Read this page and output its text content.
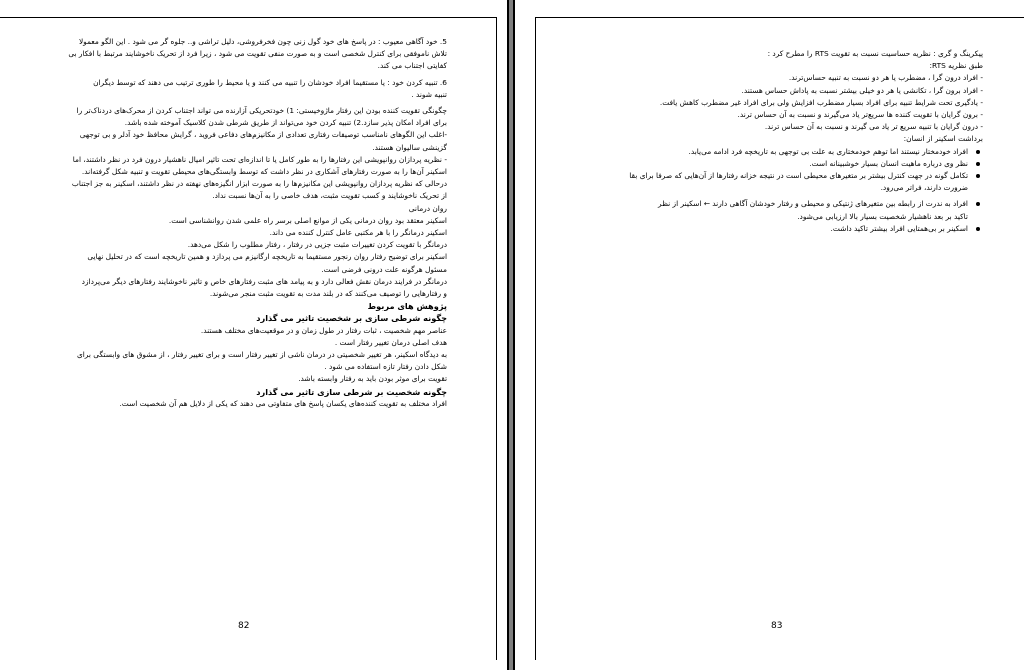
5. خود آگاهی معیوب : در پاسخ های خود گول زنی چون فخرفروشی، دلیل تراشی و.. جلوه گر می شود . این الگو معمولا

تلاش ناموفقی برای کنترل شخصی است و به صورت منفی تقویت می شود ، زیرا فرد از تحریک ناخوشایند مرتبط با افکار بی

کفایتی اجتناب می کند.

6. تنبیه کردن خود : یا مستقیما افراد خودشان را تنبیه می کنند و یا محیط را طوری ترتیب می دهند که توسط دیگران

تنبیه شوند .

چگونگی تقویت کننده بودن این رفتار ماژوخیستی: 1) خودتحریکی آزارنده می تواند اجتناب کردن از محرک‌های دردناک‌تر را

برای افراد امکان پذیر سازد.2) تنبیه کردن خود می‌تواند از طریق شرطی شدن کلاسیک آموخته شده باشد.

-اغلب این الگوهای نامناسب توصیفات رفتاری تعدادی از مکانیزم‌های دفاعی فروید ، گرایش محافظ خود آدلر و بی توجهی

گزینشی سالیوان هستند.

- نظریه پردازان روانپویشی این رفتارها را به طور کامل یا تا اندازه‌ای تحت تاثیر امیال ناهشیار درون فرد در نظر داشتند، اما

اسکینر آن‌ها را به صورت رفتارهای آشکاری در نظر داشت که توسط وابستگی‌های محیطی تقویت و تنبیه شکل گرفته‌اند.

درحالی که نظریه پردازان روانپویشی این مکانیزم‌ها را به صورت ابزار انگیزه‌های نهفته در نظر داشتند، اسکینر به جز اجتناب

از تحریک ناخوشایند و کسب تقویت مثبت، هدف خاصی را به آن‌ها نسبت نداد.

روان درمانی

اسکینر معتقد بود روان درمانی یکی از موانع اصلی برسر راه علمی شدن روانشناسی است.

اسکینر درمانگر را با هر مکتبی عامل کنترل کننده می داند.

درمانگر با تقویت کردن تغییرات مثبت جزیی در رفتار ، رفتار مطلوب را شکل می‌دهد.

اسکینر برای توضیح رفتار روان رنجور مستقیما به تاریخچه ارگانیزم می پردازد و همین تاریخچه است که در تحلیل نهایی

مسئول هرگونه علت درونی فرضی است.

درمانگر در فرایند درمان نقش فعالی دارد و به پیامد های مثبت رفتارهای خاص و تاثیر ناخوشایند رفتارهای دیگر می‌پردازد

و رفتارهایی را توصیف می‌کنند که در بلند مدت به تقویت مثبت منجر می‌شوند.

پژوهش های مربوط

چگونه شرطی سازی بر شخصیت تاثیر می گذارد

عناصر مهم شخصیت ، ثبات رفتار در طول زمان و در موقعیت‌های مختلف هستند.

هدف اصلی درمان تغییر رفتار است .

به دیدگاه اسکینر، هر تغییر شخصیتی در درمان ناشی از تغییر رفتار است و برای تغییر رفتار ، از مشوق های وابستگی برای

شکل دادن رفتار تازه استفاده می شود .

تقویت برای موثر بودن باید به رفتار وابسته باشد.

چگونه شخصیت بر شرطی سازی تاثیر می گذارد

افراد مختلف به تقویت کننده‌های یکسان پاسخ های متفاوتی می دهند که یکی از دلایل هم آن شخصیت است.

82

پیکرینگ و گری : نظریه حساسیت نسبت به تقویت RTS را مطرح کرد :

طبق نظریه RTS:

- افراد درون گرا ، مضطرب یا هر دو نسبت به تنبیه حساس‌ترند.

- افراد برون گرا ، تکانشی یا هر دو خیلی بیشتر نسبت به پاداش حساس هستند.

- یادگیری تحت شرایط تنبیه برای افراد بسیار مضطرب افزایش ولی برای افراد غیر مضطرب کاهش یافت.

- برون گرایان با تقویت کننده ها سریع‌تر یاد می‌گیرند و نسبت به آن حساس ترند.

- درون گرایان با تنبیه سریع تر یاد می گیرند و نسبت به آن حساس ترند.

برداشت اسکینر از انسان:

افراد خودمختار نیستند اما توهم خودمختاری به علت بی توجهی به تاریخچه فرد ادامه می‌یابد.

نظر وی درباره ماهیت انسان بسیار خوشبینانه است.

تکامل گونه در جهت کنترل بیشتر بر متغیرهای محیطی است در نتیجه خزانه رفتارها از آن‌هایی که صرفا برای بقا

ضرورت دارند، فراتر می‌رود.

افراد به ندرت از رابطه بین متغیرهای ژنتیکی و محیطی و رفتار خودشان آگاهی دارند ← اسکینر از نظر

تاکید بر بعد ناهشیار شخصیت بسیار بالا ارزیابی می‌شود.

اسکینر بر بی‌همتایی افراد بیشتر تاکید داشت.

83
